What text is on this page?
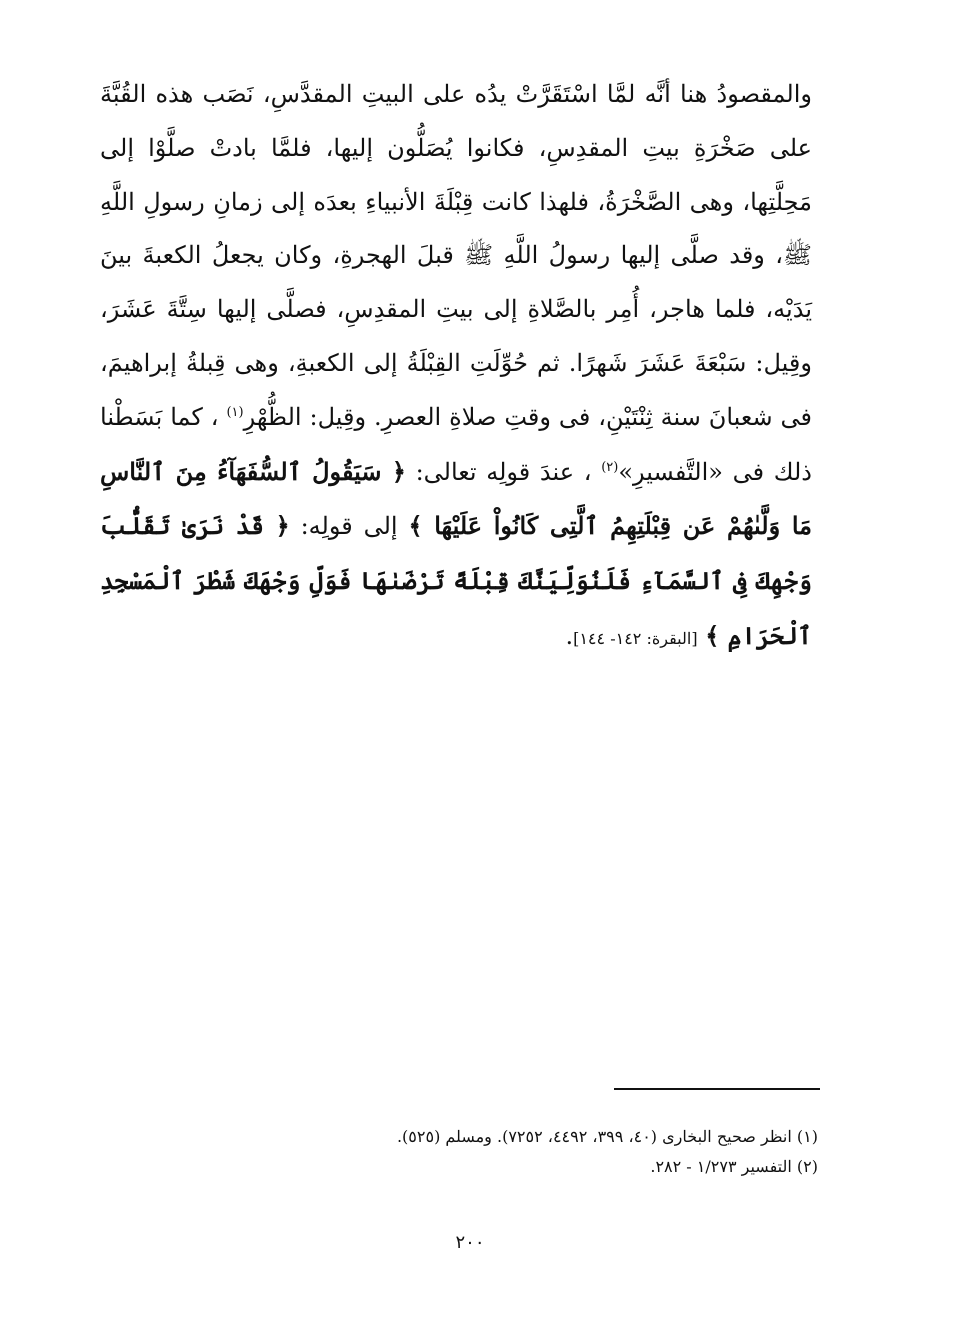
والمقصودُ هنا أنَّه لمَّا اسْتَقَرَّتْ يدُه على البيتِ المقدَّسِ، نَصَب هذه القُبَّةَ على صَخْرَةِ بيتِ المقدِسِ، فكانوا يُصَلُّون إليها، فلمَّا بادتْ صلَّوْا إلى مَحِلَّتِها، وهى الصَّخْرَةُ، فلهذا كانت قِبْلَةَ الأنبياءِ بعدَه إلى زمانِ رسولِ اللَّهِ ﷺ، وقد صلَّى إليها رسولُ اللَّهِ ﷺ قبلَ الهجرةِ، وكان يجعلُ الكعبةَ بينَ يَدَيْه، فلما هاجر، أُمِر بالصَّلاةِ إلى بيتِ المقدِسِ، فصلَّى إليها سِتَّةَ عَشَرَ، وقِيل: سَبْعَةَ عَشَرَ شَهرًا. ثم حُوِّلَتِ القِبْلَةُ إلى الكعبةِ، وهى قِبلةُ إبراهيمَ، فى شعبانَ سنة ثِنْتَيْنِ، فى وقتِ صلاةِ العصرِ. وقِيل: الظُّهْرِ$^{(١)}$ ، كما بَسَطْنا ذلك فى «التَّفسيرِ»$^{(٢)}$ ، عندَ قولِه تعالى: ﴿ سَيَقُولُ ٱلسُّفَهَآءُ مِنَ ٱلنَّاسِ مَا وَلَّىٰهُمْ عَن قِبْلَتِهِمُ ٱلَّتِى كَانُواْ عَلَيْهَا ﴾ إلى قولِه: ﴿ قَدْ نَرَىٰ تَقَلُّبَ وَجْهِكَ فِى ٱلسَّمَآءِ فَلَنُوَلِّيَنَّكَ قِبْلَةً تَرْضَىٰهَا فَوَلِّ وَجْهَكَ شَطْرَ ٱلْمَسْجِدِ ٱلْحَرَامِ ﴾ [البقرة: ١٤٢- ١٤٤].

(١) انظر صحيح البخارى (٤٠، ٣٩٩، ٤٤٩٢، ٧٢٥٢). ومسلم (٥٢٥).
(٢) التفسير ١/٢٧٣ - ٢٨٢.
٢٠٠
